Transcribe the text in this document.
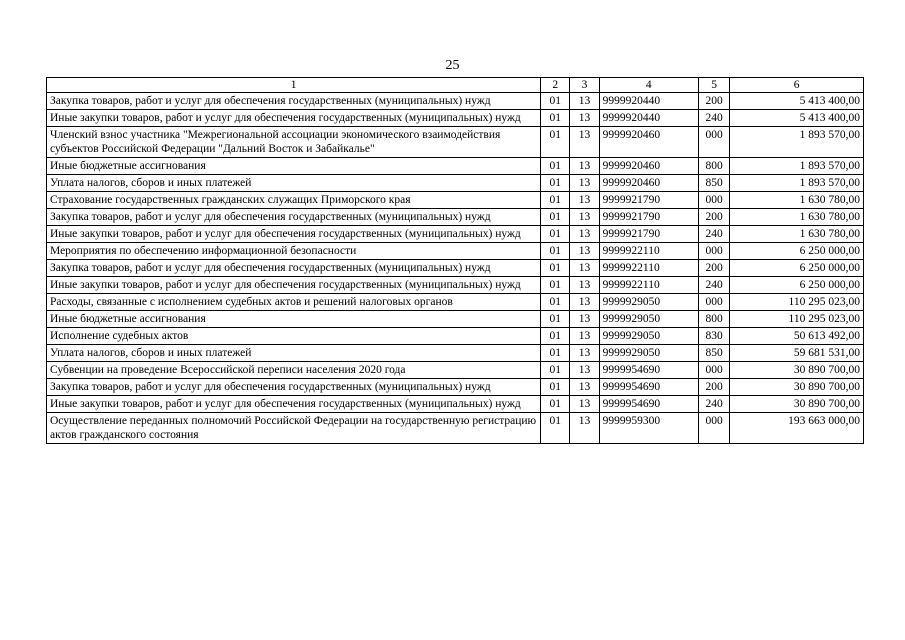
25
1	2	3	4	5	6
Закупка товаров, работ и услуг для обеспечения государственных (муниципальных) нужд	01	13	9999920440	200	5 413 400,00
Иные закупки товаров, работ и услуг для обеспечения государственных (муниципальных) нужд	01	13	9999920440	240	5 413 400,00
Членский взнос участника "Межрегиональной ассоциации экономического взаимодействия субъектов Российской Федерации "Дальний Восток и Забайкалье"	01	13	9999920460	000	1 893 570,00
Иные бюджетные ассигнования	01	13	9999920460	800	1 893 570,00
Уплата налогов, сборов и иных платежей	01	13	9999920460	850	1 893 570,00
Страхование государственных гражданских служащих Приморского края	01	13	9999921790	000	1 630 780,00
Закупка товаров, работ и услуг для обеспечения государственных (муниципальных) нужд	01	13	9999921790	200	1 630 780,00
Иные закупки товаров, работ и услуг для обеспечения государственных (муниципальных) нужд	01	13	9999921790	240	1 630 780,00
Мероприятия по обеспечению информационной безопасности	01	13	9999922110	000	6 250 000,00
Закупка товаров, работ и услуг для обеспечения государственных (муниципальных) нужд	01	13	9999922110	200	6 250 000,00
Иные закупки товаров, работ и услуг для обеспечения государственных (муниципальных) нужд	01	13	9999922110	240	6 250 000,00
Расходы, связанные с исполнением судебных актов и решений налоговых органов	01	13	9999929050	000	110 295 023,00
Иные бюджетные ассигнования	01	13	9999929050	800	110 295 023,00
Исполнение судебных актов	01	13	9999929050	830	50 613 492,00
Уплата налогов, сборов и иных платежей	01	13	9999929050	850	59 681 531,00
Субвенции на проведение Всероссийской переписи населения 2020 года	01	13	9999954690	000	30 890 700,00
Закупка товаров, работ и услуг для обеспечения государственных (муниципальных) нужд	01	13	9999954690	200	30 890 700,00
Иные закупки товаров, работ и услуг для обеспечения государственных (муниципальных) нужд	01	13	9999954690	240	30 890 700,00
Осуществление переданных полномочий Российской Федерации на государственную регистрацию актов гражданского состояния	01	13	9999959300	000	193 663 000,00
